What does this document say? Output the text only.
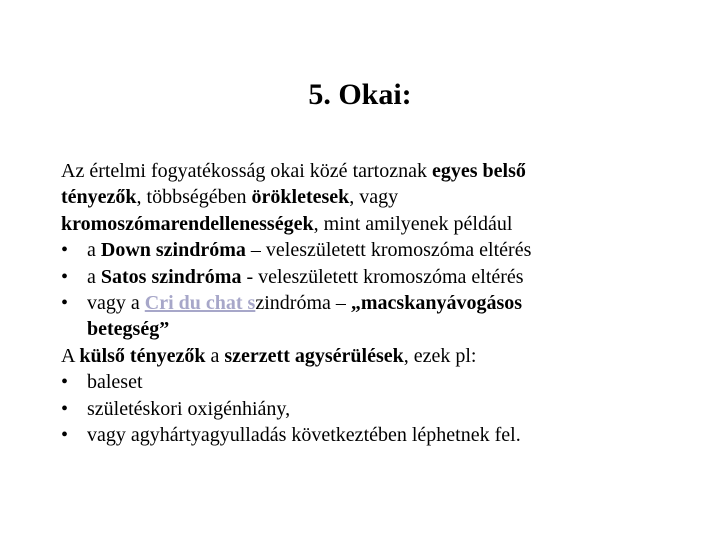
5. Okai:
Az értelmi fogyatékosság okai közé tartoznak egyes belső
tényezők, többségében örökletesek, vagy
kromoszómarendellenességek, mint amilyenek például
• a Down szindróma – veleszületett kromoszóma eltérés
• a Satos szindróma - veleszületett kromoszóma eltérés
• vagy a Cri du chat szindróma – „macskanyávogásos
betegség”
A külső tényezők a szerzett agysérülések, ezek pl:
• baleset
• születéskori oxigénhiány,
• vagy agyhártyagyulladás következtében léphetnek fel.
